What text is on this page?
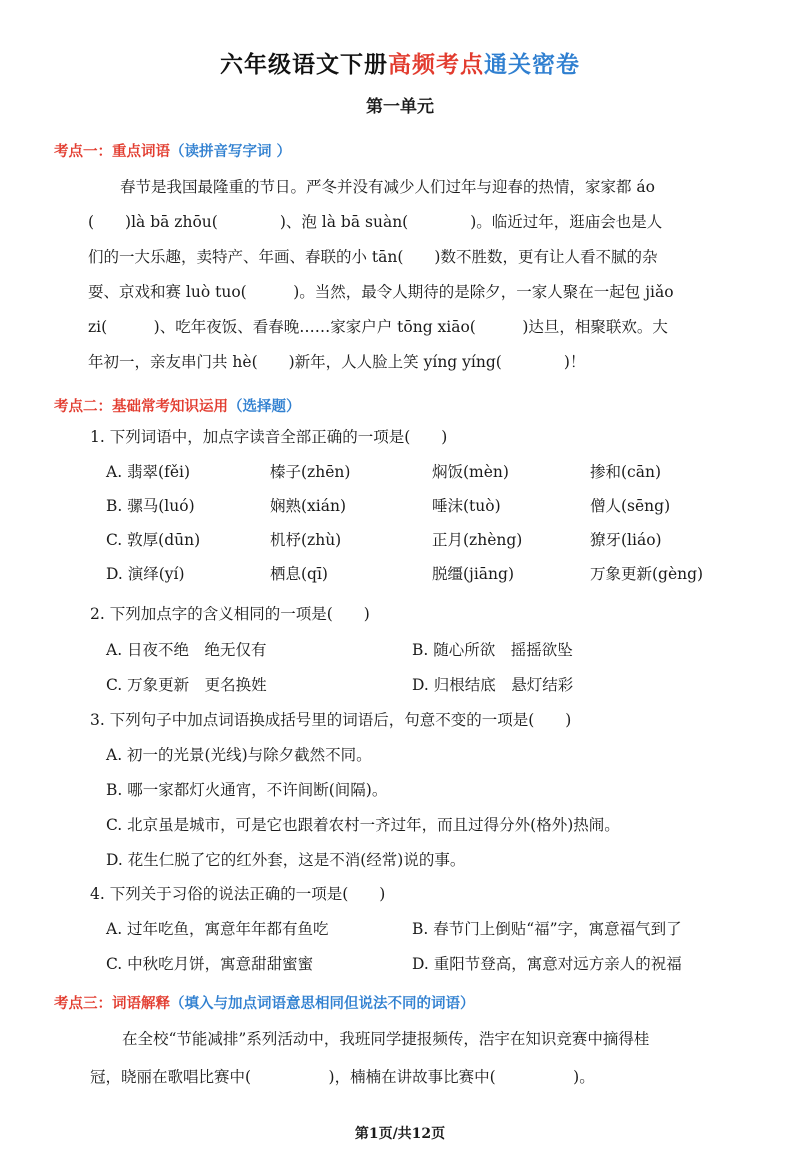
六年级语文下册高频考点通关密卷
第一单元
考点一：重点词语（读拼音写字词 ）
春节是我国最隆重的节日。严冬并没有减少人们过年与迎春的热情，家家都 áo
(　　)là bā zhōu(　　　　)、泡 là bā suàn(　　　　)。临近过年，逛庙会也是人
们的一大乐趣，卖特产、年画、春联的小 tān(　　)数不胜数，更有让人看不腻的杂
耍、京戏和赛 luò tuo(　　　)。当然，最令人期待的是除夕，一家人聚在一起包 jiǎo
zi(　　　)、吃年夜饭、看春晚……家家户户 tōng xiāo(　　　)达旦，相聚联欢。大
年初一，亲友串门共 hè(　　)新年，人人脸上笑 yíng yíng(　　　　)！
考点二：基础常考知识运用（选择题）
1. 下列词语中，加点字读音全部正确的一项是(　　)
A. 翡翠(fěi)	榛子(zhēn)	焖饭(mèn)	掺和(cān)
B. 骡马(luó)	娴熟(xián)	唾沫(tuò)	僧人(sēng)
C. 敦厚(dūn)	机杼(zhù)	正月(zhèng)	獠牙(liáo)
D. 演绎(yí)	栖息(qī)	脱缰(jiāng)	万象更新(gèng)
2. 下列加点字的含义相同的一项是(　　)
A. 日夜不绝　绝无仅有	B. 随心所欲　摇摇欲坠
C. 万象更新　更名换姓	D. 归根结底　悬灯结彩
3. 下列句子中加点词语换成括号里的词语后，句意不变的一项是(　　)
A. 初一的光景(光线)与除夕截然不同。
B. 哪一家都灯火通宵，不许间断(间隔)。
C. 北京虽是城市，可是它也跟着农村一齐过年，而且过得分外(格外)热闹。
D. 花生仁脱了它的红外套，这是不消(经常)说的事。
4. 下列关于习俗的说法正确的一项是(　　)
A. 过年吃鱼，寓意年年都有鱼吃	B. 春节门上倒贴“福”字，寓意福气到了
C. 中秋吃月饼，寓意甜甜蜜蜜	D. 重阳节登高，寓意对远方亲人的祝福
考点三：词语解释（填入与加点词语意思相同但说法不同的词语）
在全校“节能减排”系列活动中，我班同学捷报频传，浩宇在知识竞赛中摘得桂
冠，晓丽在歌唱比赛中(　　　　　)，楠楠在讲故事比赛中(　　　　　)。
第1页/共12页
